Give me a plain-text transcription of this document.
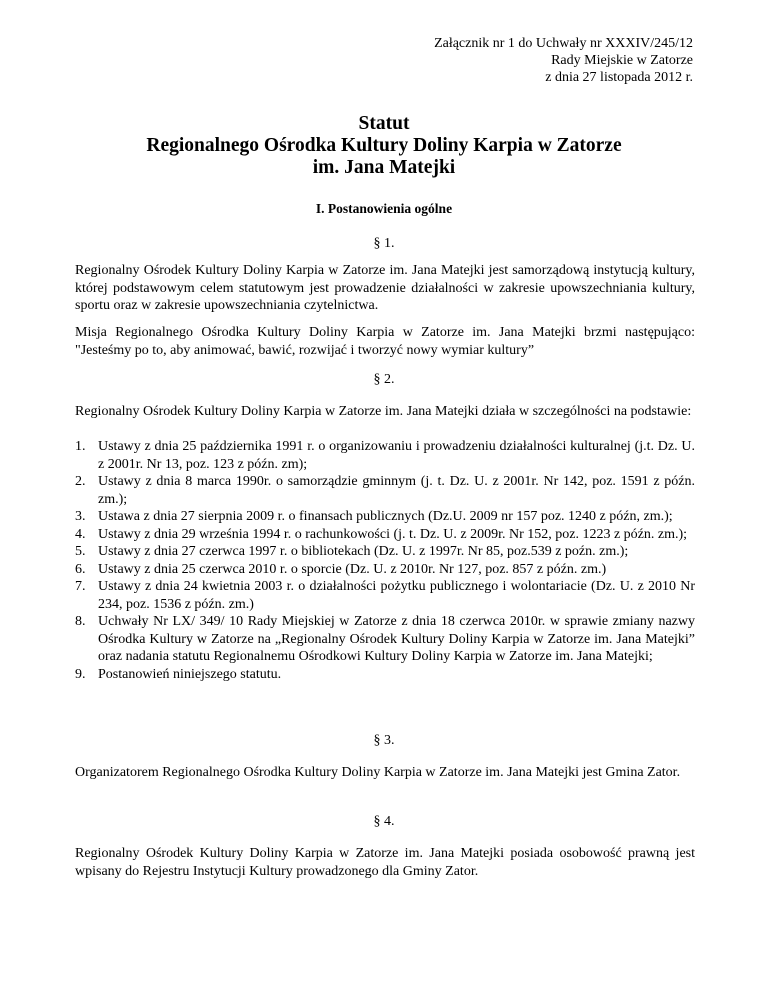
Załącznik nr 1 do Uchwały nr XXXIV/245/12
Rady Miejskie w Zatorze
z dnia 27 listopada 2012 r.
Statut
Regionalnego Ośrodka Kultury Doliny Karpia w Zatorze
im. Jana Matejki
I. Postanowienia ogólne
§ 1.
Regionalny Ośrodek Kultury Doliny Karpia w Zatorze im. Jana Matejki jest samorządową instytucją kultury, której podstawowym celem statutowym jest prowadzenie działalności w zakresie upowszechniania kultury, sportu oraz w zakresie upowszechniania czytelnictwa.
Misja Regionalnego Ośrodka Kultury Doliny Karpia w Zatorze im. Jana Matejki brzmi następująco: "Jesteśmy po to, aby animować, bawić, rozwijać i tworzyć nowy wymiar kultury”
§ 2.
Regionalny Ośrodek Kultury Doliny Karpia w Zatorze im. Jana Matejki działa w szczególności na podstawie:
1. Ustawy z dnia 25 października 1991 r. o organizowaniu i prowadzeniu działalności kulturalnej (j.t. Dz. U. z 2001r. Nr 13, poz. 123 z późn. zm);
2. Ustawy z dnia 8 marca 1990r. o samorządzie gminnym (j. t. Dz. U. z 2001r. Nr 142, poz. 1591 z późn. zm.);
3. Ustawa z dnia 27 sierpnia 2009 r. o finansach publicznych (Dz.U. 2009 nr 157 poz. 1240 z późn, zm.);
4. Ustawy z dnia 29 września 1994 r. o rachunkowości (j. t. Dz. U. z 2009r. Nr 152, poz. 1223 z późn. zm.);
5. Ustawy z dnia 27 czerwca 1997 r. o bibliotekach (Dz. U. z 1997r. Nr 85, poz.539 z poźn. zm.);
6. Ustawy z dnia 25 czerwca 2010 r. o sporcie (Dz. U. z 2010r. Nr 127, poz. 857 z późn. zm.)
7. Ustawy z dnia 24 kwietnia 2003 r. o działalności pożytku publicznego i wolontariacie (Dz. U. z 2010 Nr 234, poz. 1536 z późn. zm.)
8. Uchwały Nr LX/ 349/ 10 Rady Miejskiej w Zatorze z dnia 18 czerwca 2010r. w sprawie zmiany nazwy Ośrodka Kultury w Zatorze na „Regionalny Ośrodek Kultury Doliny Karpia w Zatorze im. Jana Matejki” oraz nadania statutu Regionalnemu Ośrodkowi Kultury Doliny Karpia w Zatorze im. Jana Matejki;
9. Postanowień niniejszego statutu.
§ 3.
Organizatorem Regionalnego Ośrodka Kultury Doliny Karpia w Zatorze im. Jana Matejki jest Gmina Zator.
§ 4.
Regionalny Ośrodek Kultury Doliny Karpia w Zatorze im. Jana Matejki posiada osobowość prawną jest wpisany do Rejestru Instytucji Kultury prowadzonego dla Gminy Zator.
